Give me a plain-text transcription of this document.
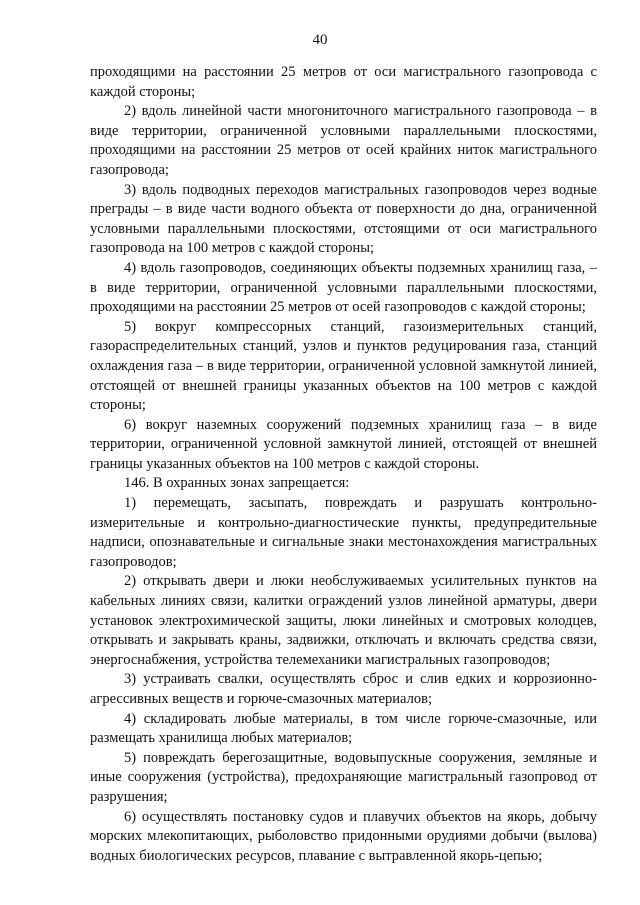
40

проходящими на расстоянии 25 метров от оси магистрального газопровода с каждой стороны;

2) вдоль линейной части многониточного магистрального газопровода – в виде территории, ограниченной условными параллельными плоскостями, проходящими на расстоянии 25 метров от осей крайних ниток магистрального газопровода;

3) вдоль подводных переходов магистральных газопроводов через водные преграды – в виде части водного объекта от поверхности до дна, ограниченной условными параллельными плоскостями, отстоящими от оси магистрального газопровода на 100 метров с каждой стороны;

4) вдоль газопроводов, соединяющих объекты подземных хранилищ газа, – в виде территории, ограниченной условными параллельными плоскостями, проходящими на расстоянии 25 метров от осей газопроводов с каждой стороны;

5) вокруг компрессорных станций, газоизмерительных станций, газораспределительных станций, узлов и пунктов редуцирования газа, станций охлаждения газа – в виде территории, ограниченной условной замкнутой линией, отстоящей от внешней границы указанных объектов на 100 метров с каждой стороны;

6) вокруг наземных сооружений подземных хранилищ газа – в виде территории, ограниченной условной замкнутой линией, отстоящей от внешней границы указанных объектов на 100 метров с каждой стороны.

146. В охранных зонах запрещается:

1) перемещать, засыпать, повреждать и разрушать контрольно-измерительные и контрольно-диагностические пункты, предупредительные надписи, опознавательные и сигнальные знаки местонахождения магистральных газопроводов;

2) открывать двери и люки необслуживаемых усилительных пунктов на кабельных линиях связи, калитки ограждений узлов линейной арматуры, двери установок электрохимической защиты, люки линейных и смотровых колодцев, открывать и закрывать краны, задвижки, отключать и включать средства связи, энергоснабжения, устройства телемеханики магистральных газопроводов;

3) устраивать свалки, осуществлять сброс и слив едких и коррозионно-агрессивных веществ и горюче-смазочных материалов;

4) складировать любые материалы, в том числе горюче-смазочные, или размещать хранилища любых материалов;

5) повреждать берегозащитные, водовыпускные сооружения, земляные и иные сооружения (устройства), предохраняющие магистральный газопровод от разрушения;

6) осуществлять постановку судов и плавучих объектов на якорь, добычу морских млекопитающих, рыболовство придонными орудиями добычи (вылова) водных биологических ресурсов, плавание с вытравленной якорь-цепью;
